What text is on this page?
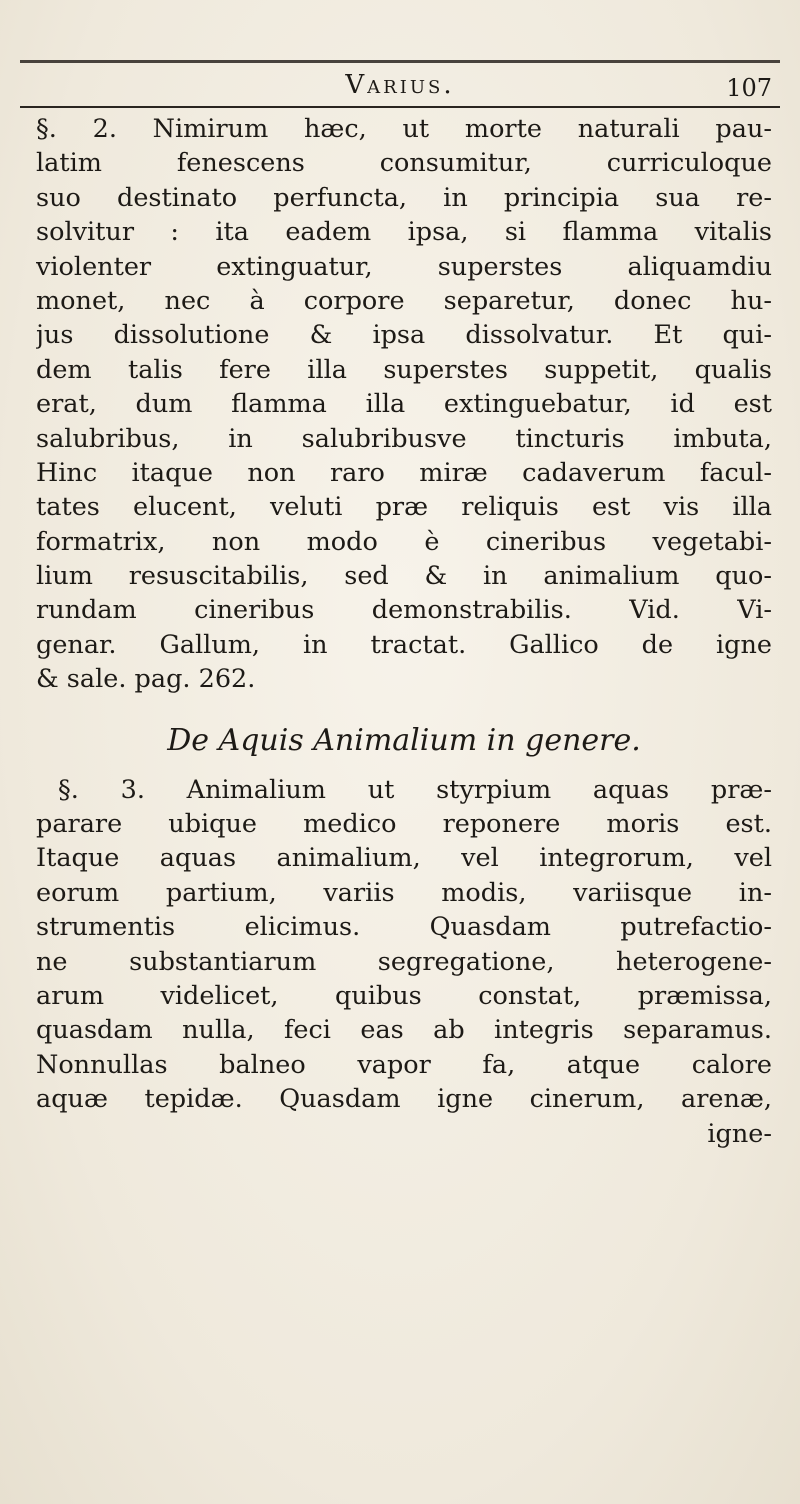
Varius.	107
§. 2. Nimirum hæc, ut morte naturali pau-
latim fenescens consumitur, curriculoque
suo destinato perfuncta, in principia sua re-
solvitur : ita eadem ipsa, si flamma vitalis
violenter extinguatur, superstes aliquamdiu
monet, nec à corpore separetur, donec hu-
jus dissolutione & ipsa dissolvatur. Et qui-
dem talis fere illa superstes suppetit, qualis
erat, dum flamma illa extinguebatur, id est
salubribus, in salubribusve tincturis imbuta,
Hinc itaque non raro miræ cadaverum facul-
tates elucent, veluti præ reliquis est vis illa
formatrix, non modo è cineribus vegetabi-
lium resuscitabilis, sed & in animalium quo-
rundam cineribus demonstrabilis. Vid. Vi-
genar. Gallum, in tractat. Gallico de igne
& sale. pag. 262.
De Aquis Animalium in genere.
§. 3. Animalium ut styrpium aquas præ-
parare ubique medico reponere moris est.
Itaque aquas animalium, vel integrorum, vel
eorum partium, variis modis, variisque in-
strumentis elicimus. Quasdam putrefactio-
ne substantiarum segregatione, heterogene-
arum videlicet, quibus constat, præmissa,
quasdam nulla, feci eas ab integris separamus.
Nonnullas balneo vapor fa, atque calore
aquæ tepidæ. Quasdam igne cinerum, arenæ,
igne-
